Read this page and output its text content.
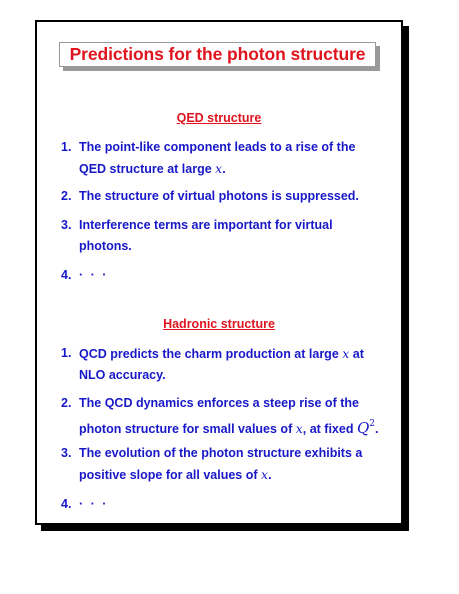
Predictions for the photon structure
QED structure
1. The point-like component leads to a rise of the
QED structure at large x.
2. The structure of virtual photons is suppressed.
3. Interference terms are important for virtual
photons.
4. · · ·
Hadronic structure
1. QCD predicts the charm production at large x at
NLO accuracy.
2. The QCD dynamics enforces a steep rise of the
photon structure for small values of x, at fixed $Q^2$.
3. The evolution of the photon structure exhibits a
positive slope for all values of x.
4. · · ·
